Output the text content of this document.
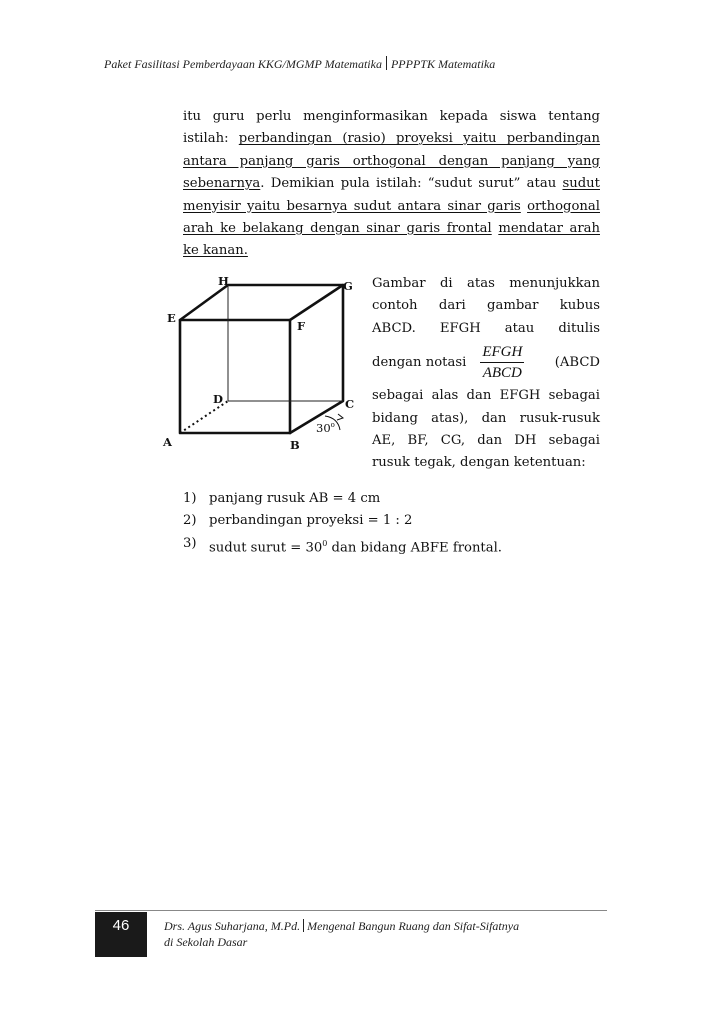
Paket Fasilitasi Pemberdayaan KKG/MGMP Matematika PPPPTK Matematika
itu guru perlu menginformasikan kepada siswa tentang istilah: perbandingan (rasio) proyeksi yaitu perbandingan antara panjang garis orthogonal dengan panjang yang sebenarnya. Demikian pula istilah: “sudut surut” atau sudut menyisir yaitu besarnya sudut antara sinar garis orthogonal arah ke belakang dengan sinar garis frontal mendatar arah ke kanan.
H	G
E
F
D	C
30$^o$
A	B
Gambar di atas menunjukkan
contoh dari gambar kubus
ABCD. EFGH atau ditulis
dengan notasi $\frac{\text{EFGH}}{\text{ABCD}}$ (ABCD
sebagai alas dan EFGH sebagai
bidang atas), dan rusuk-rusuk
AE, BF, CG, dan DH sebagai
rusuk tegak, dengan ketentuan:
1) panjang rusuk AB = 4 cm
2) perbandingan proyeksi = 1 : 2
3) sudut surut = $30^0$ dan bidang ABFE frontal.
46	Drs. Agus Suharjana, M.Pd. Mengenal Bangun Ruang dan Sifat-Sifatnya
di Sekolah Dasar
